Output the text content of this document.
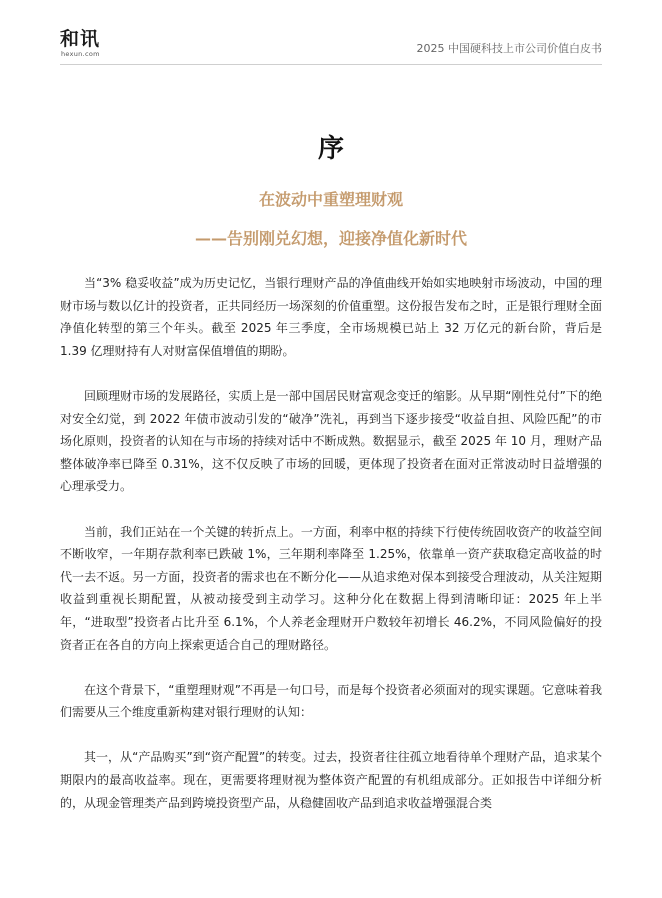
和讯
hexun.com	2025 中国硬科技上市公司价值白皮书
序
在波动中重塑理财观
——告别刚兑幻想，迎接净值化新时代

当“3% 稳妥收益”成为历史记忆，当银行理财产品的净值曲线开始如实地映射市场波动，中国的理财市场与数以亿计的投资者，正共同经历一场深刻的价值重塑。这份报告发布之时，正是银行理财全面净值化转型的第三个年头。截至 2025 年三季度，全市场规模已站上 32 万亿元的新台阶，背后是 1.39 亿理财持有人对财富保值增值的期盼。

回顾理财市场的发展路径，实质上是一部中国居民财富观念变迁的缩影。从早期“刚性兑付”下的绝对安全幻觉，到 2022 年债市波动引发的“破净”洗礼，再到当下逐步接受“收益自担、风险匹配”的市场化原则，投资者的认知在与市场的持续对话中不断成熟。数据显示，截至 2025 年 10 月，理财产品整体破净率已降至 0.31%，这不仅反映了市场的回暖，更体现了投资者在面对正常波动时日益增强的心理承受力。

当前，我们正站在一个关键的转折点上。一方面，利率中枢的持续下行使传统固收资产的收益空间不断收窄，一年期存款利率已跌破 1%，三年期利率降至 1.25%，依靠单一资产获取稳定高收益的时代一去不返。另一方面，投资者的需求也在不断分化——从追求绝对保本到接受合理波动，从关注短期收益到重视长期配置，从被动接受到主动学习。这种分化在数据上得到清晰印证：2025 年上半年，“进取型”投资者占比升至 6.1%，个人养老金理财开户数较年初增长 46.2%，不同风险偏好的投资者正在各自的方向上探索更适合自己的理财路径。

在这个背景下，“重塑理财观”不再是一句口号，而是每个投资者必须面对的现实课题。它意味着我们需要从三个维度重新构建对银行理财的认知：

其一，从“产品购买”到“资产配置”的转变。过去，投资者往往孤立地看待单个理财产品，追求某个期限内的最高收益率。现在，更需要将理财视为整体资产配置的有机组成部分。正如报告中详细分析的，从现金管理类产品到跨境投资型产品，从稳健固收产品到追求收益增强混合类
